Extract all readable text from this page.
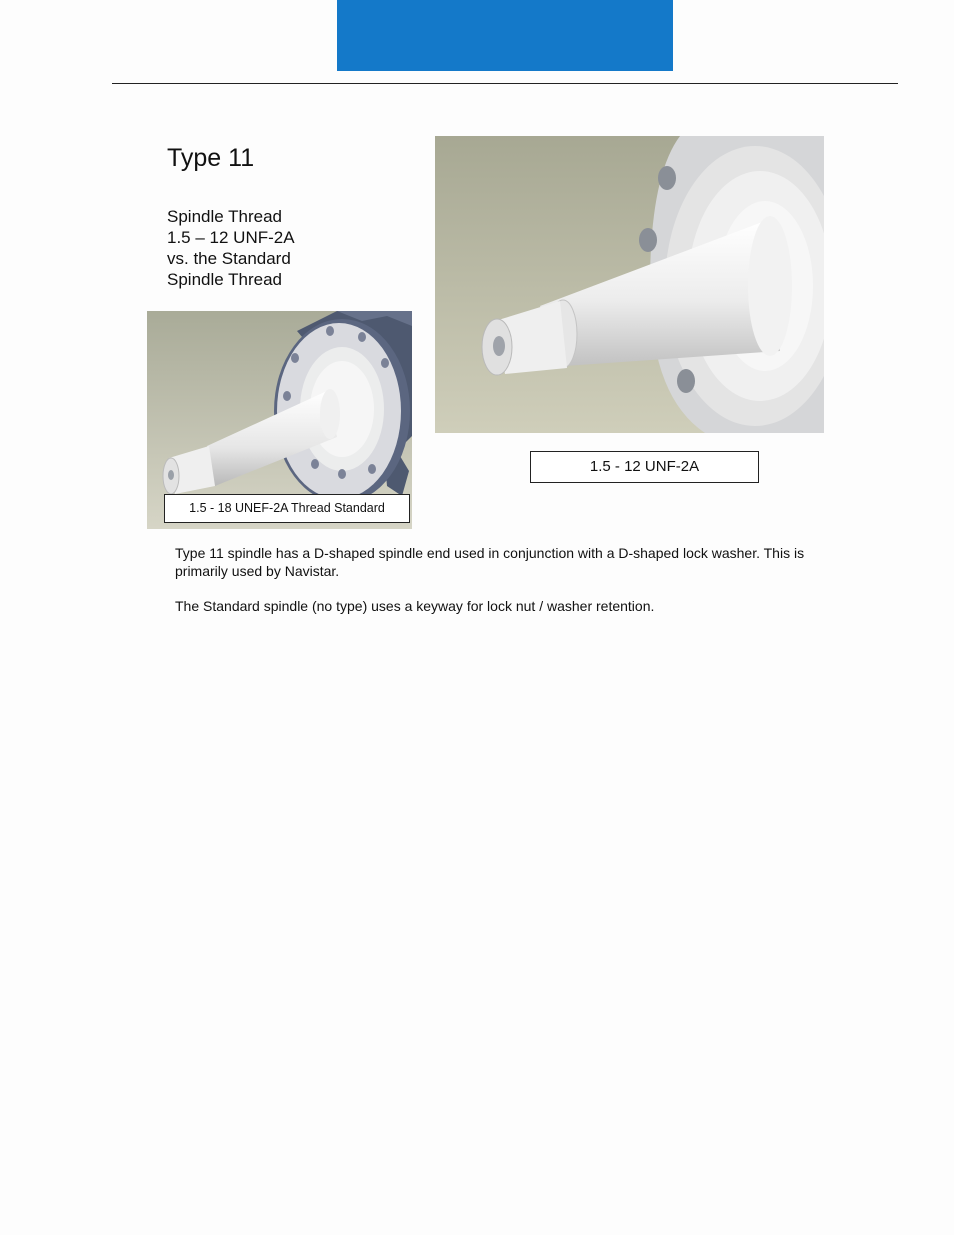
Type 11
Spindle Thread
1.5 – 12 UNF-2A
vs. the Standard
Spindle Thread
1.5 - 18 UNEF-2A Thread Standard
1.5 - 12 UNF-2A
Type 11 spindle has a D-shaped spindle end used in conjunction with a D-shaped lock washer. This is primarily used by Navistar.
The Standard spindle (no type) uses a keyway for lock nut / washer retention.
